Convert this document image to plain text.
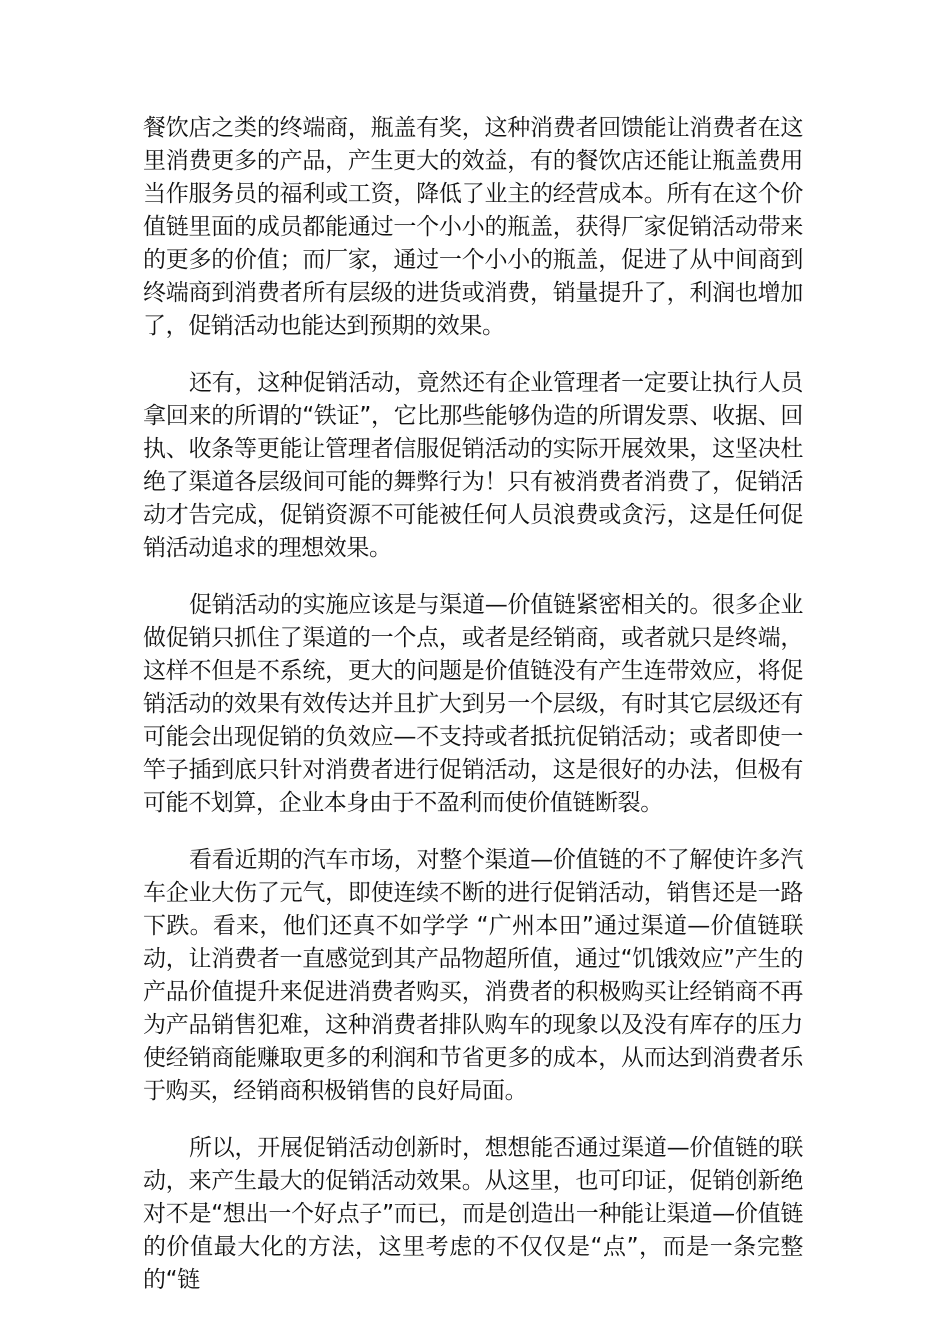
餐饮店之类的终端商，瓶盖有奖，这种消费者回馈能让消费者在这里消费更多的产品，产生更大的效益，有的餐饮店还能让瓶盖费用当作服务员的福利或工资，降低了业主的经营成本。所有在这个价值链里面的成员都能通过一个小小的瓶盖，获得厂家促销活动带来的更多的价值；而厂家，通过一个小小的瓶盖，促进了从中间商到终端商到消费者所有层级的进货或消费，销量提升了，利润也增加了，促销活动也能达到预期的效果。

还有，这种促销活动，竟然还有企业管理者一定要让执行人员拿回来的所谓的“铁证”，它比那些能够伪造的所谓发票、收据、回执、收条等更能让管理者信服促销活动的实际开展效果，这坚决杜绝了渠道各层级间可能的舞弊行为！只有被消费者消费了，促销活动才告完成，促销资源不可能被任何人员浪费或贪污，这是任何促销活动追求的理想效果。

促销活动的实施应该是与渠道—价值链紧密相关的。很多企业做促销只抓住了渠道的一个点，或者是经销商，或者就只是终端，这样不但是不系统，更大的问题是价值链没有产生连带效应，将促销活动的效果有效传达并且扩大到另一个层级，有时其它层级还有可能会出现促销的负效应—不支持或者抵抗促销活动；或者即使一竿子插到底只针对消费者进行促销活动，这是很好的办法，但极有可能不划算，企业本身由于不盈利而使价值链断裂。

看看近期的汽车市场，对整个渠道—价值链的不了解使许多汽车企业大伤了元气，即使连续不断的进行促销活动，销售还是一路下跌。看来，他们还真不如学学 “广州本田”通过渠道—价值链联动，让消费者一直感觉到其产品物超所值，通过“饥饿效应”产生的产品价值提升来促进消费者购买，消费者的积极购买让经销商不再为产品销售犯难，这种消费者排队购车的现象以及没有库存的压力使经销商能赚取更多的利润和节省更多的成本，从而达到消费者乐于购买，经销商积极销售的良好局面。

所以，开展促销活动创新时，想想能否通过渠道—价值链的联动，来产生最大的促销活动效果。从这里，也可印证，促销创新绝对不是“想出一个好点子”而已，而是创造出一种能让渠道—价值链的价值最大化的方法，这里考虑的不仅仅是“点”，而是一条完整的“链
